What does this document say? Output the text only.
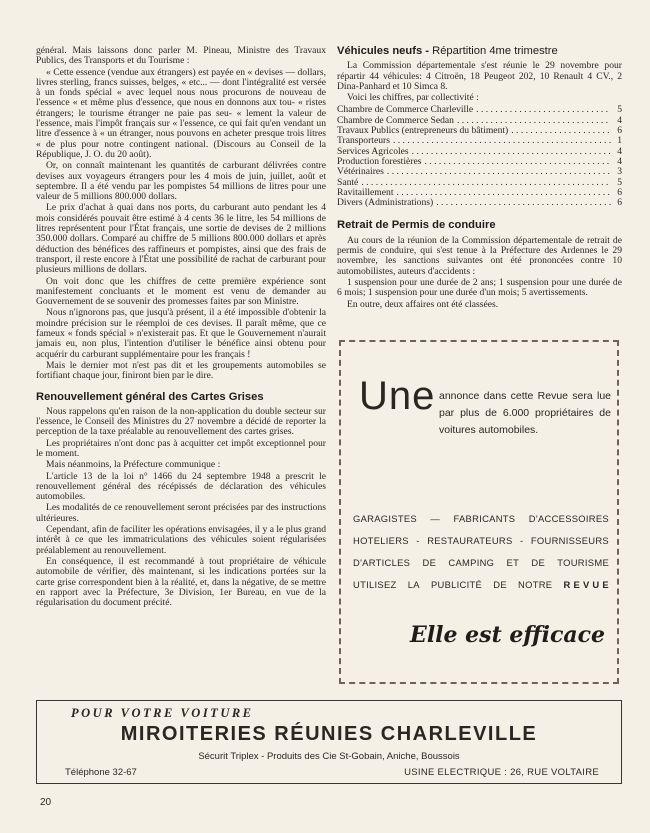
général. Mais laissons donc parler M. Pineau, Ministre des Travaux Publics, des Transports et du Tourisme :

« Cette essence (vendue aux étrangers) est payée en « devises — dollars, livres sterling, francs suisses, belges, « etc... — dont l'intégralité est versée à un fonds spécial « avec lequel nous nous procurons de nouveau de l'essence « et même plus d'essence, que nous en donnons aux tou- « ristes étrangers; le tourisme étranger ne paie pas seu- « lement la valeur de l'essence, mais l'impôt français sur « l'essence, ce qui fait qu'en vendant un litre d'essence à « un étranger, nous pouvons en acheter presque trois litres « de plus pour notre contingent national. (Discours au Conseil de la République, J. O. du 20 août).

Or, on connaît maintenant les quantités de carburant délivrées contre devises aux voyageurs étrangers pour les 4 mois de juin, juillet, août et septembre. Il a été vendu par les pompistes 54 millions de litres pour une valeur de 5 millions 800.000 dollars.

Le prix d'achat à quai dans nos ports, du carburant auto pendant les 4 mois considérés pouvait être estimé à 4 cents 36 le litre, les 54 millions de litres représentent pour l'État français, une sortie de devises de 2 millions 350.000 dollars. Comparé au chiffre de 5 millions 800.000 dollars et après déduction des bénéfices des raffineurs et pompistes, ainsi que des frais de transport, il reste encore à l'État une possibilité de rachat de carburant pour plusieurs millions de dollars.

On voit donc que les chiffres de cette première expérience sont manifestement concluants et le moment est venu de demander au Gouvernement de se souvenir des promesses faites par son Ministre.

Nous n'ignorons pas, que jusqu'à présent, il a été impossible d'obtenir la moindre précision sur le réemploi de ces devises. Il paraît même, que ce fameux « fonds spécial » n'existerait pas. Et que le Gouvernement n'aurait jamais eu, non plus, l'intention d'utiliser le bénéfice ainsi obtenu pour acquérir du carburant supplémentaire pour les français !

Mais le dernier mot n'est pas dit et les groupements automobiles se fortifiant chaque jour, finiront bien par le dire.

Renouvellement général des Cartes Grises

Nous rappelons qu'en raison de la non-application du double secteur sur l'essence, le Conseil des Ministres du 27 novembre a décidé de reporter la perception de la taxe préalable au renouvellement des cartes grises.

Les propriétaires n'ont donc pas à acquitter cet impôt exceptionnel pour le moment.

Mais néanmoins, la Préfecture communique :

L'article 13 de la loi n° 1466 du 24 septembre 1948 a prescrit le renouvellement général des récépissés de déclaration des véhicules automobiles.

Les modalités de ce renouvellement seront précisées par des instructions ultérieures.

Cependant, afin de faciliter les opérations envisagées, il y a le plus grand intérêt à ce que les immatriculations des véhicules soient régularisées préalablement au renouvellement.

En conséquence, il est recommandé à tout propriétaire de véhicule automobile de vérifier, dès maintenant, si les indications portées sur la carte grise correspondent bien à la réalité, et, dans la négative, de se mettre en rapport avec la Préfecture, 3e Division, 1er Bureau, en vue de la régularisation du document précité.

Véhicules neufs - Répartition 4me trimestre

La Commission départementale s'est réunie le 29 novembre pour répartir 44 véhicules: 4 Citroën, 18 Peugeot 202, 10 Renault 4 CV., 2 Dina-Panhard et 10 Simca 8.

Voici les chiffres, par collectivité :

Chambre de Commerce Charleville . . .	5
Chambre de Commerce Sedan . . .	4
Travaux Publics (entrepreneurs du bâtiment) . . .	6
Transporteurs . . .	1
Services Agricoles . . .	4
Production forestières . . .	4
Vétérinaires . . .	3
Santé . . .	5
Ravitaillement . . .	6
Divers (Administrations) . . .	6
Retrait de Permis de conduire

Au cours de la réunion de la Commission départementale de retrait de permis de conduire, qui s'est tenue à la Préfecture des Ardennes le 29 novembre, les sanctions suivantes ont été prononcées contre 10 automobilistes, auteurs d'accidents :

1 suspension pour une durée de 2 ans; 1 suspension pour une durée de 6 mois; 1 suspension pour une durée d'un mois; 5 avertissements.

En outre, deux affaires ont été classées.

Une annonce dans cette Revue sera lue par plus de 6.000 propriétaires de voitures automobiles.
GARAGISTES — FABRICANTS D'ACCESSOIRES
HOTELIERS - RESTAURATEURS - FOURNISSEURS
D'ARTICLES DE CAMPING ET DE TOURISME
UTILISEZ LA PUBLICITÉ DE NOTRE R E V U E
Elle est efficace
POUR VOTRE VOITURE
MIROITERIES RÉUNIES CHARLEVILLE
Sécurit Triplex - Produits des Cie St-Gobain, Aniche, Boussois
Téléphone 32-67	USINE ELECTRIQUE : 26, RUE VOLTAIRE
20
